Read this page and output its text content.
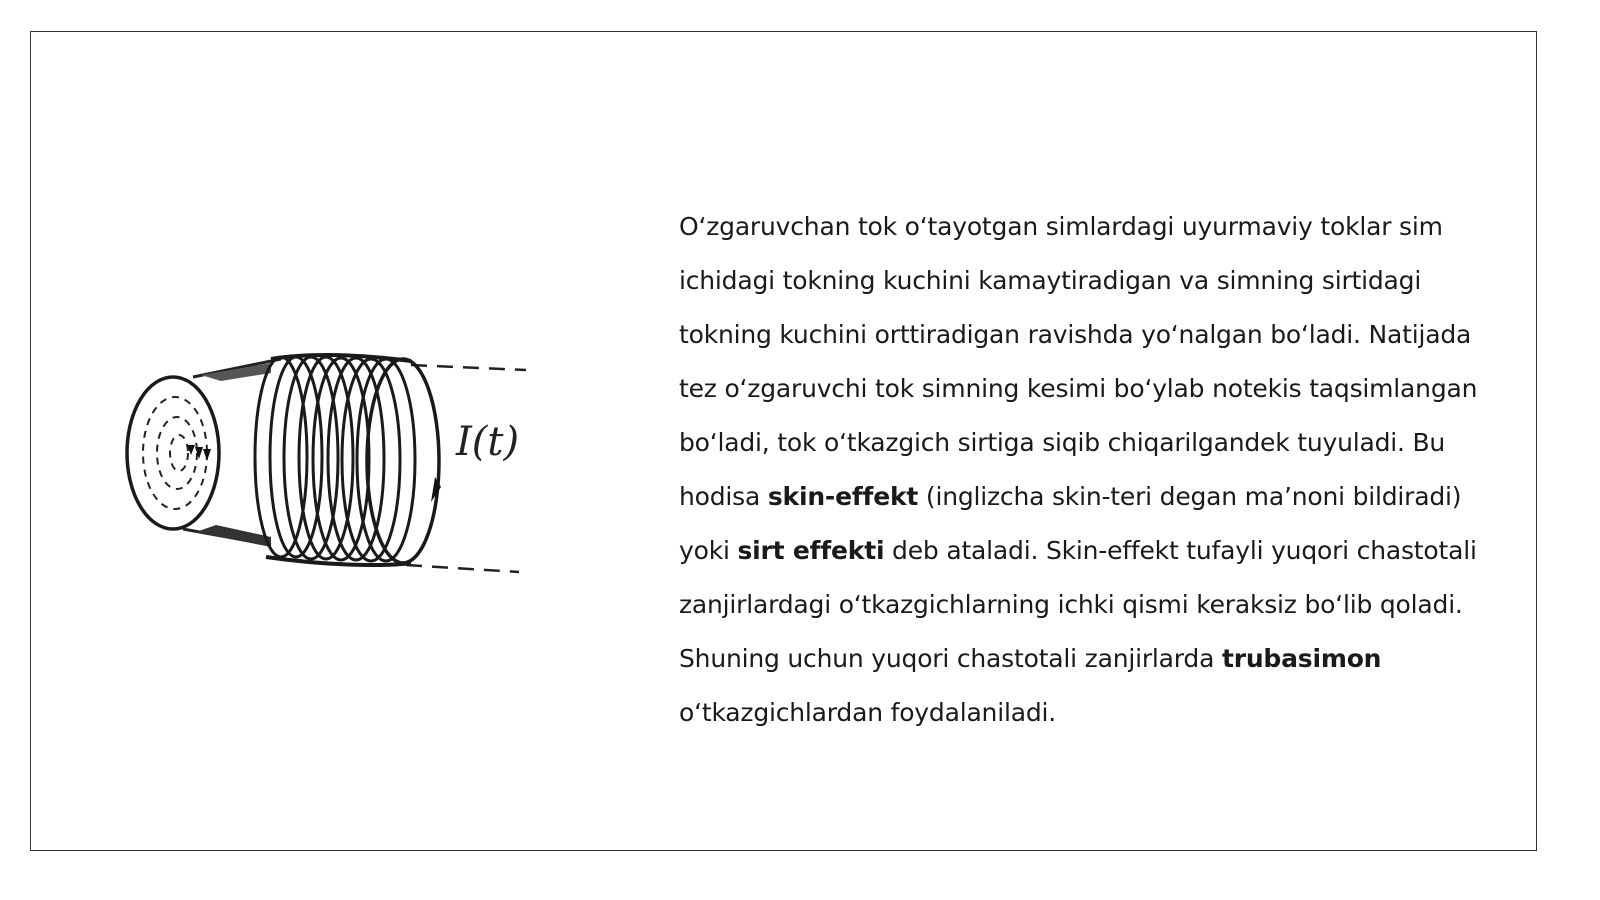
I(t)
O‘zgaruvchan tok o‘tayotgan simlardagi uyurmaviy toklar sim ichidagi tokning kuchini kamaytiradigan va simning sirtidagi tokning kuchini orttiradigan ravishda yo‘nalgan bo‘ladi. Natijada tez o‘zgaruvchi tok simning kesimi bo‘ylab notekis taqsimlangan bo‘ladi, tok o‘tkazgich sirtiga siqib chiqarilgandek tuyuladi. Bu hodisa skin-effekt (inglizcha skin-teri degan ma’noni bildiradi) yoki sirt effekti deb ataladi. Skin-effekt tufayli yuqori chastotali zanjirlardagi o‘tkazgichlarning ichki qismi keraksiz bo‘lib qoladi. Shuning uchun yuqori chastotali zanjirlarda trubasimon o‘tkazgichlardan foydalaniladi.
